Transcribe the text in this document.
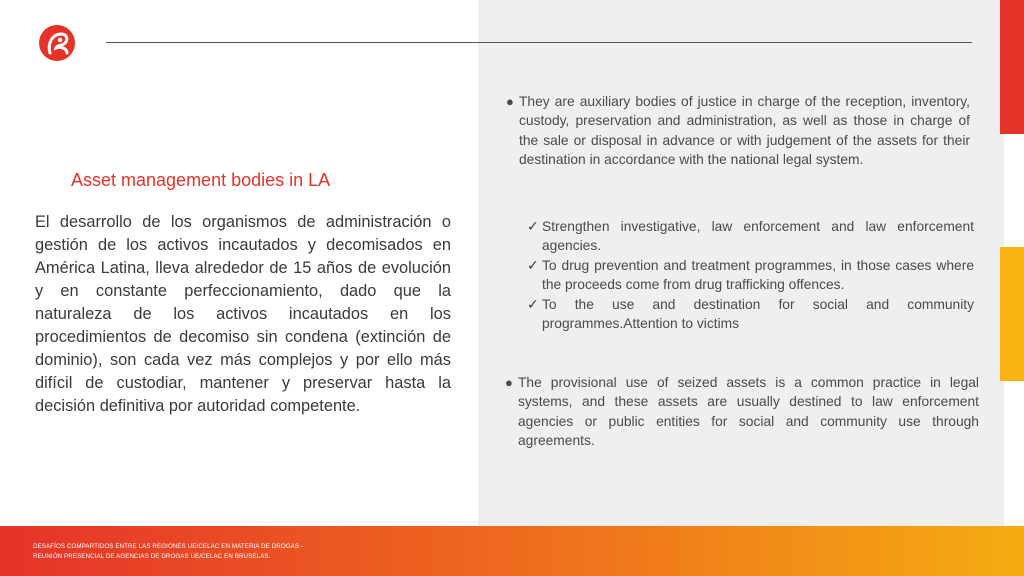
Asset management bodies in LA

El desarrollo de los organismos de administración o gestión de los activos incautados y decomisados en América Latina, lleva alrededor de 15 años de evolución y en constante perfeccionamiento, dado que la naturaleza de los activos incautados en los procedimientos de decomiso sin condena (extinción de dominio), son cada vez más complejos y por ello más difícil de custodiar, mantener y preservar hasta la decisión definitiva por autoridad competente.

● They are auxiliary bodies of justice in charge of the reception, inventory, custody, preservation and administration, as well as those in charge of the sale or disposal in advance or with judgement of the assets for their destination in accordance with the national legal system.

✓ Strengthen investigative, law enforcement and law enforcement agencies.
✓ To drug prevention and treatment programmes, in those cases where the proceeds come from drug trafficking offences.
✓ To the use and destination for social and community programmes.Attention to victims

● The provisional use of seized assets is a common practice in legal systems, and these assets are usually destined to law enforcement agencies or public entities for social and community use through agreements.

DESAFÍOS COMPARTIDOS ENTRE LAS REGIONES UE/CELAC EN MATERIA DE DROGAS -
REUNIÓN PRESENCIAL DE AGENCIAS DE DROGAS UE/CELAC EN BRUSELAS.
